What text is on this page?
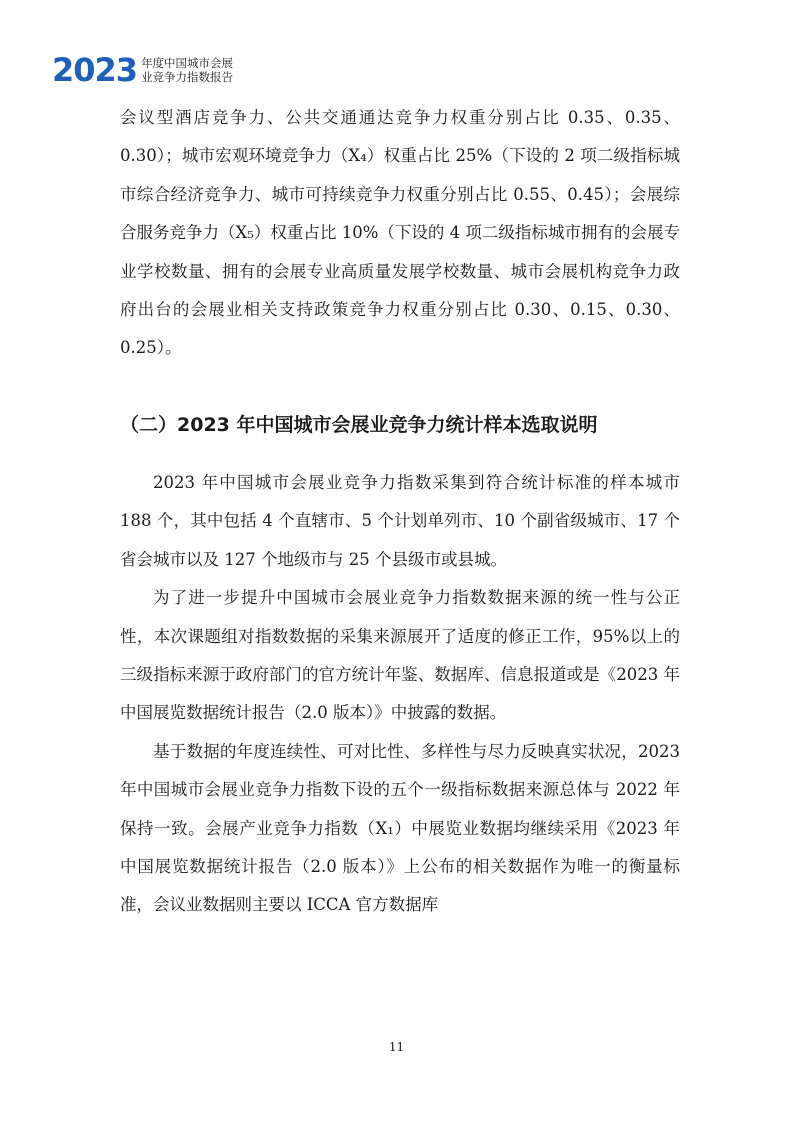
2023 年度中国城市会展
业竞争力指数报告

会议型酒店竞争力、公共交通通达竞争力权重分别占比 0.35、0.35、0.30）；城市宏观环境竞争力（X₄）权重占比 25%（下设的 2 项二级指标城市综合经济竞争力、城市可持续竞争力权重分别占比 0.55、0.45）；会展综合服务竞争力（X₅）权重占比 10%（下设的 4 项二级指标城市拥有的会展专业学校数量、拥有的会展专业高质量发展学校数量、城市会展机构竞争力政府出台的会展业相关支持政策竞争力权重分别占比 0.30、0.15、0.30、0.25）。

（二）2023 年中国城市会展业竞争力统计样本选取说明

2023 年中国城市会展业竞争力指数采集到符合统计标准的样本城市 188 个，其中包括 4 个直辖市、5 个计划单列市、10 个副省级城市、17 个省会城市以及 127 个地级市与 25 个县级市或县城。

为了进一步提升中国城市会展业竞争力指数数据来源的统一性与公正性，本次课题组对指数数据的采集来源展开了适度的修正工作，95%以上的三级指标来源于政府部门的官方统计年鉴、数据库、信息报道或是《2023 年中国展览数据统计报告（2.0 版本）》中披露的数据。

基于数据的年度连续性、可对比性、多样性与尽力反映真实状况，2023 年中国城市会展业竞争力指数下设的五个一级指标数据来源总体与 2022 年保持一致。会展产业竞争力指数（X₁）中展览业数据均继续采用《2023 年中国展览数据统计报告（2.0 版本）》上公布的相关数据作为唯一的衡量标准，会议业数据则主要以 ICCA 官方数据库

11
